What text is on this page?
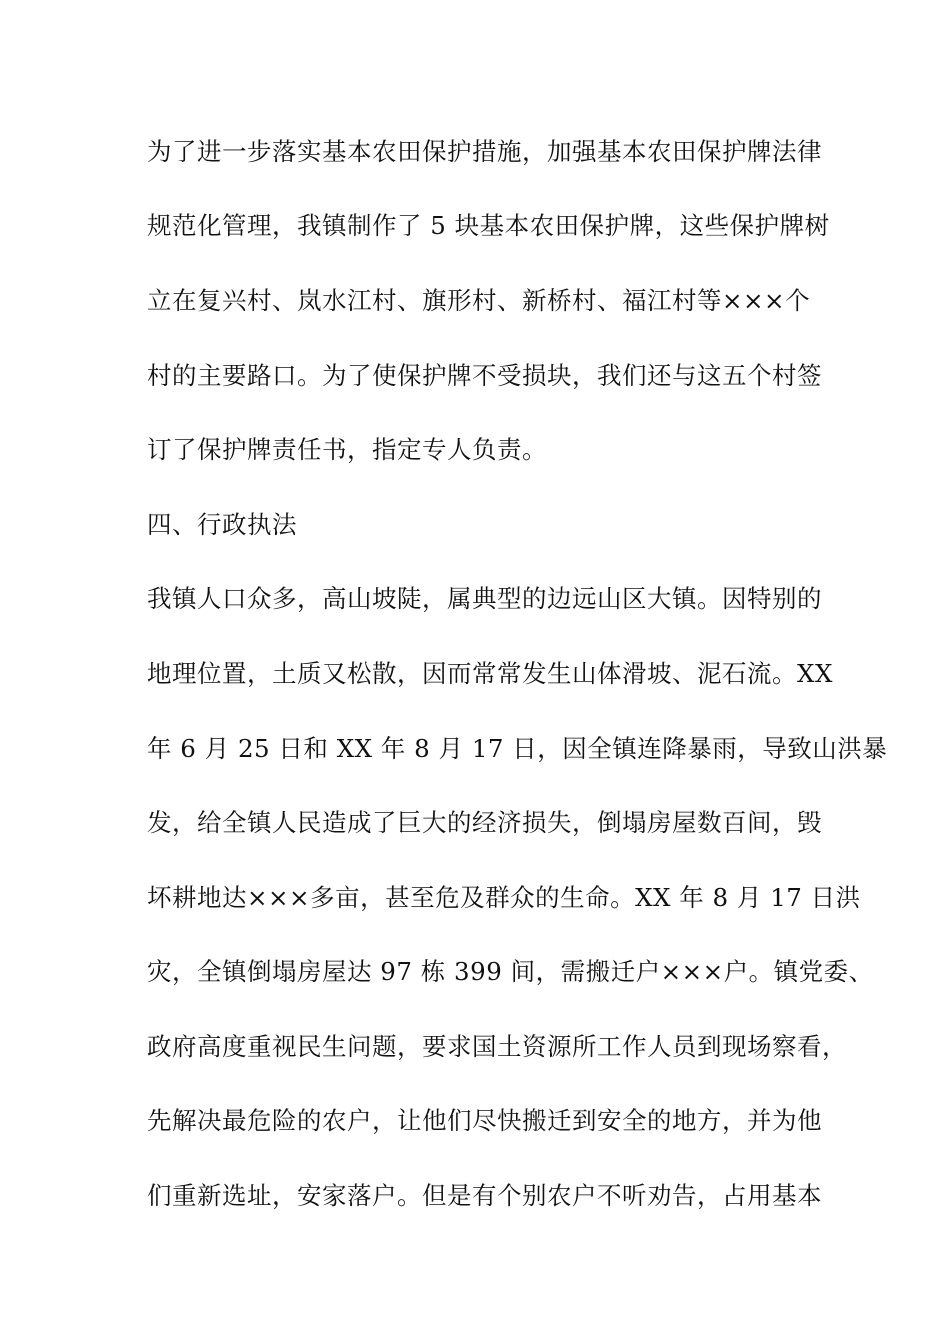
为了进一步落实基本农田保护措施，加强基本农田保护牌法律
规范化管理，我镇制作了 5 块基本农田保护牌，这些保护牌树
立在复兴村、岚水江村、旗形村、新桥村、福江村等×××个
村的主要路口。为了使保护牌不受损块，我们还与这五个村签
订了保护牌责任书，指定专人负责。
四、行政执法
我镇人口众多，高山坡陡，属典型的边远山区大镇。因特别的
地理位置，土质又松散，因而常常发生山体滑坡、泥石流。XX
年 6 月 25 日和 XX 年 8 月 17 日，因全镇连降暴雨，导致山洪暴
发，给全镇人民造成了巨大的经济损失，倒塌房屋数百间，毁
坏耕地达×××多亩，甚至危及群众的生命。XX 年 8 月 17 日洪
灾，全镇倒塌房屋达 97 栋 399 间，需搬迁户×××户。镇党委、
政府高度重视民生问题，要求国土资源所工作人员到现场察看，
先解决最危险的农户，让他们尽快搬迁到安全的地方，并为他
们重新选址，安家落户。但是有个别农户不听劝告，占用基本
